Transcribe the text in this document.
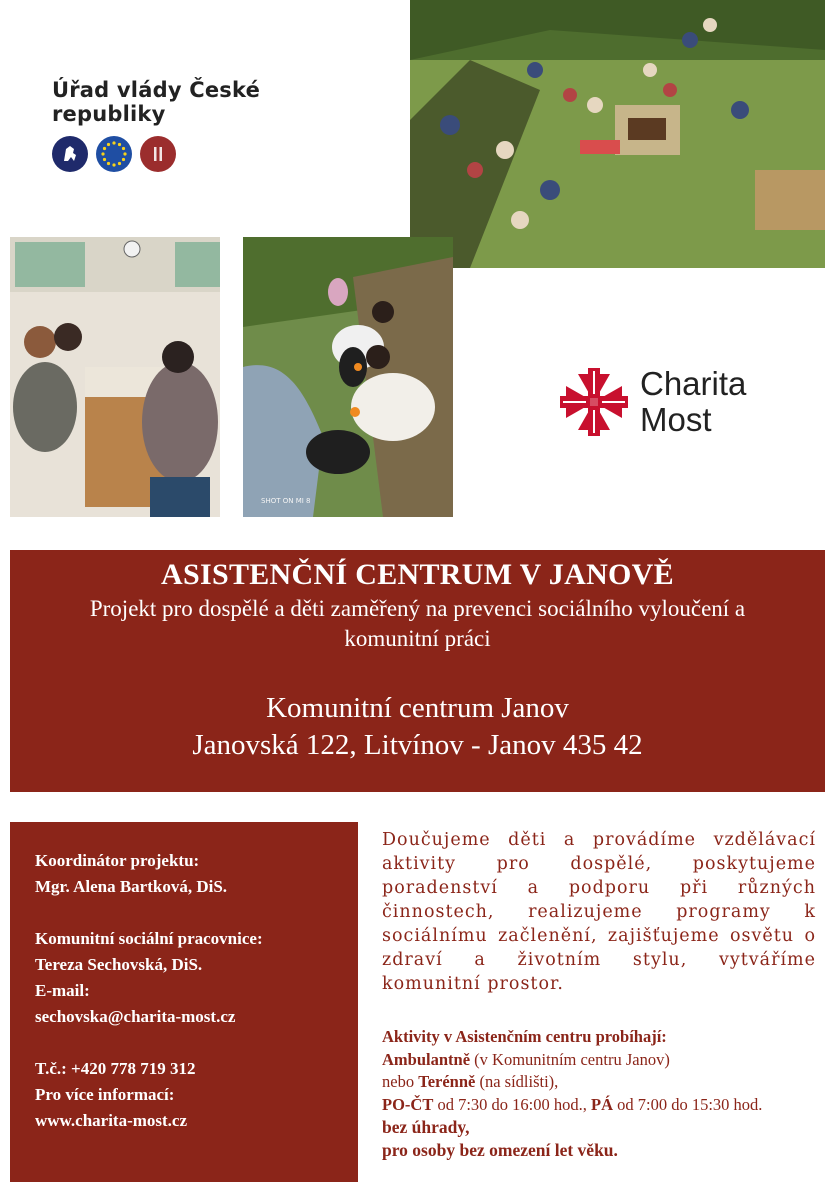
Úřad vlády České republiky
SHOT ON MI 8
Charita
Most
ASISTENČNÍ CENTRUM V JANOVĚ
Projekt pro dospělé a děti zaměřený na prevenci sociálního vyloučení a
komunitní práci
Komunitní centrum Janov
Janovská 122, Litvínov - Janov 435 42
Koordinátor projektu:
Mgr. Alena Bartková, DiS.
Komunitní sociální pracovnice:
Tereza Sechovská, DiS.
E-mail:
sechovska@charita-most.cz
T.č.: +420 778 719 312
Pro více informací:
www.charita-most.cz
Doučujeme děti a provádíme vzdělávací aktivity pro dospělé, poskytujeme poradenství a podporu při různých činnostech, realizujeme programy k sociálnímu začlenění, zajišťujeme osvětu o zdraví a životním stylu, vytváříme komunitní prostor.
Aktivity v Asistenčním centru probíhají:
Ambulantně (v Komunitním centru Janov)
nebo Terénně (na sídlišti),
PO-ČT od 7:30 do 16:00 hod., PÁ od 7:00 do 15:30 hod.
bez úhrady,
pro osoby bez omezení let věku.
